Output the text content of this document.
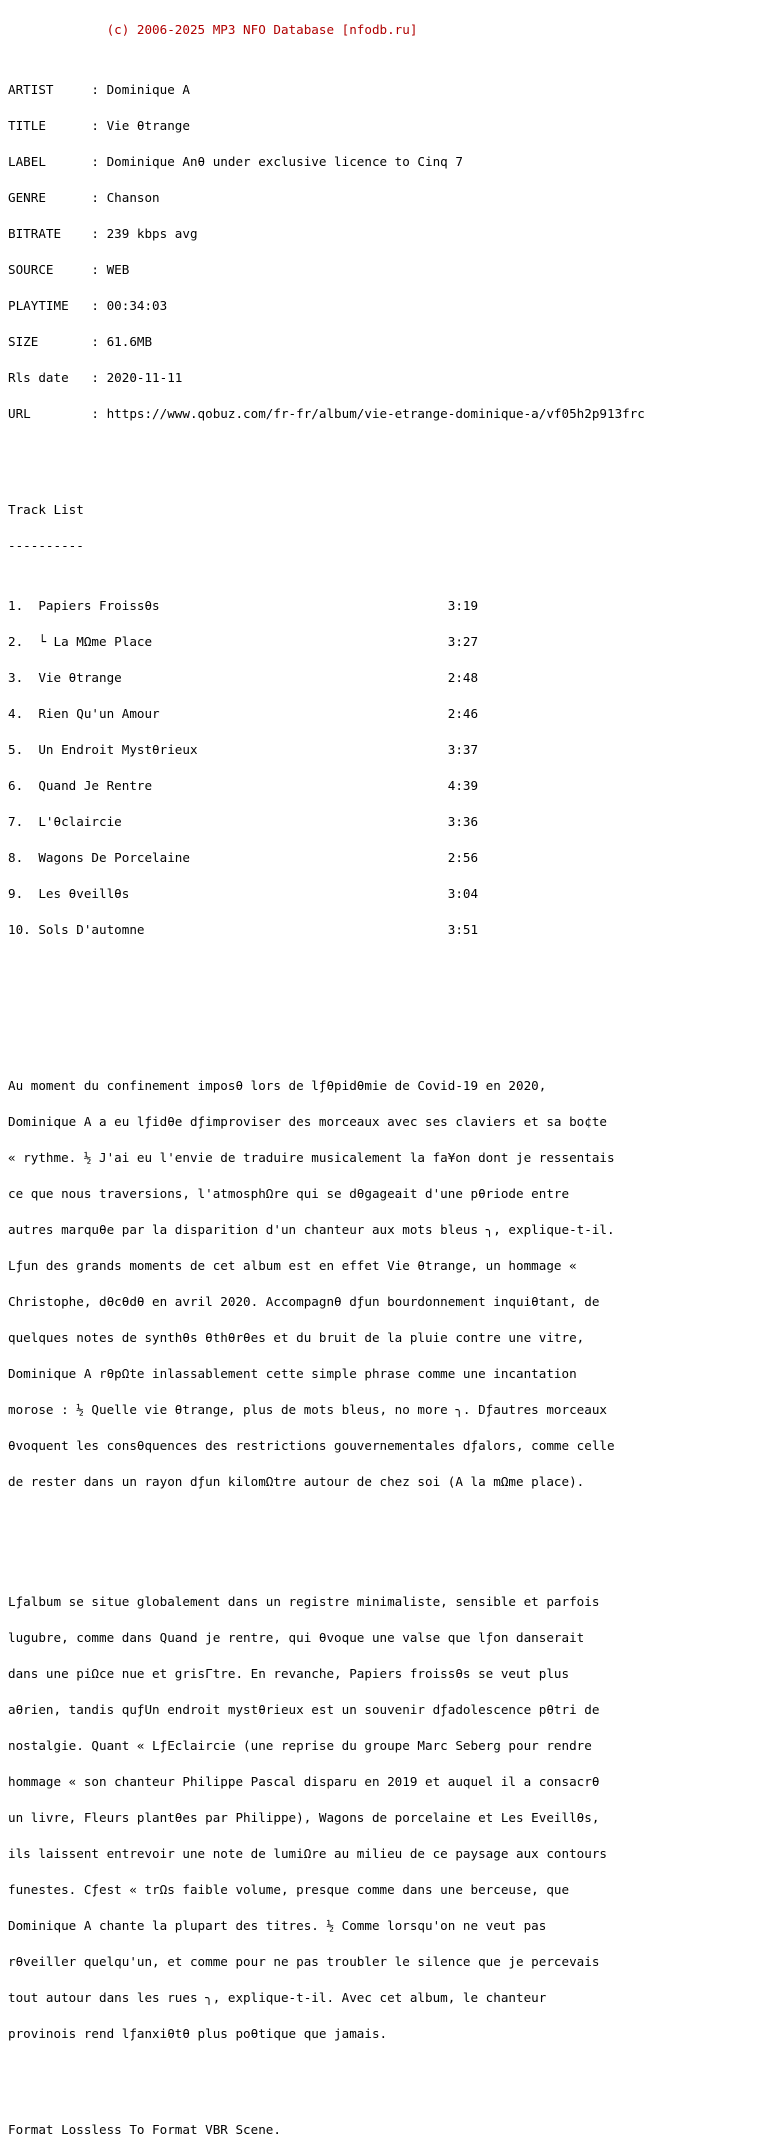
(c) 2006-2025 MP3 NFO Database [nfodb.ru]

ARTIST     : Dominique A

TITLE      : Vie θtrange

LABEL      : Dominique Anθ under exclusive licence to Cinq 7

GENRE      : Chanson

BITRATE    : 239 kbps avg

SOURCE     : WEB

PLAYTIME   : 00:34:03

SIZE       : 61.6MB

Rls date   : 2020-11-11

URL        : https://www.qobuz.com/fr-fr/album/vie-etrange-dominique-a/vf05h2p913frc

Track List

----------

1.  Papiers Froissθs                                      3:19

2.  └ La MΩme Place                                       3:27

3.  Vie θtrange                                           2:48

4.  Rien Qu'un Amour                                      2:46

5.  Un Endroit Mystθrieux                                 3:37

6.  Quand Je Rentre                                       4:39

7.  L'θclaircie                                           3:36

8.  Wagons De Porcelaine                                  2:56

9.  Les θveillθs                                          3:04

10. Sols D'automne                                        3:51

Au moment du confinement imposθ lors de lƒθpidθmie de Covid-19 en 2020,

Dominique A a eu lƒidθe dƒimproviser des morceaux avec ses claviers et sa bo¢te

« rythme. ½ J'ai eu l'envie de traduire musicalement la fa¥on dont je ressentais

ce que nous traversions, l'atmosphΩre qui se dθgageait d'une pθriode entre

autres marquθe par la disparition d'un chanteur aux mots bleus ╮, explique-t-il.

Lƒun des grands moments de cet album est en effet Vie θtrange, un hommage «

Christophe, dθcθdθ en avril 2020. Accompagnθ dƒun bourdonnement inquiθtant, de

quelques notes de synthθs θthθrθes et du bruit de la pluie contre une vitre,

Dominique A rθpΩte inlassablement cette simple phrase comme une incantation

morose : ½ Quelle vie θtrange, plus de mots bleus, no more ╮. Dƒautres morceaux

θvoquent les consθquences des restrictions gouvernementales dƒalors, comme celle

de rester dans un rayon dƒun kilomΩtre autour de chez soi (A la mΩme place).

Lƒalbum se situe globalement dans un registre minimaliste, sensible et parfois

lugubre, comme dans Quand je rentre, qui θvoque une valse que lƒon danserait

dans une piΩce nue et grisΓtre. En revanche, Papiers froissθs se veut plus

aθrien, tandis quƒUn endroit mystθrieux est un souvenir dƒadolescence pθtri de

nostalgie. Quant « LƒEclaircie (une reprise du groupe Marc Seberg pour rendre

hommage « son chanteur Philippe Pascal disparu en 2019 et auquel il a consacrθ

un livre, Fleurs plantθes par Philippe), Wagons de porcelaine et Les Eveillθs,

ils laissent entrevoir une note de lumiΩre au milieu de ce paysage aux contours

funestes. Cƒest « trΩs faible volume, presque comme dans une berceuse, que

Dominique A chante la plupart des titres. ½ Comme lorsqu'on ne veut pas

rθveiller quelqu'un, et comme pour ne pas troubler le silence que je percevais

tout autour dans les rues ╮, explique-t-il. Avec cet album, le chanteur

provinois rend lƒanxiθtθ plus poθtique que jamais.

Format Lossless To Format VBR Scene.
